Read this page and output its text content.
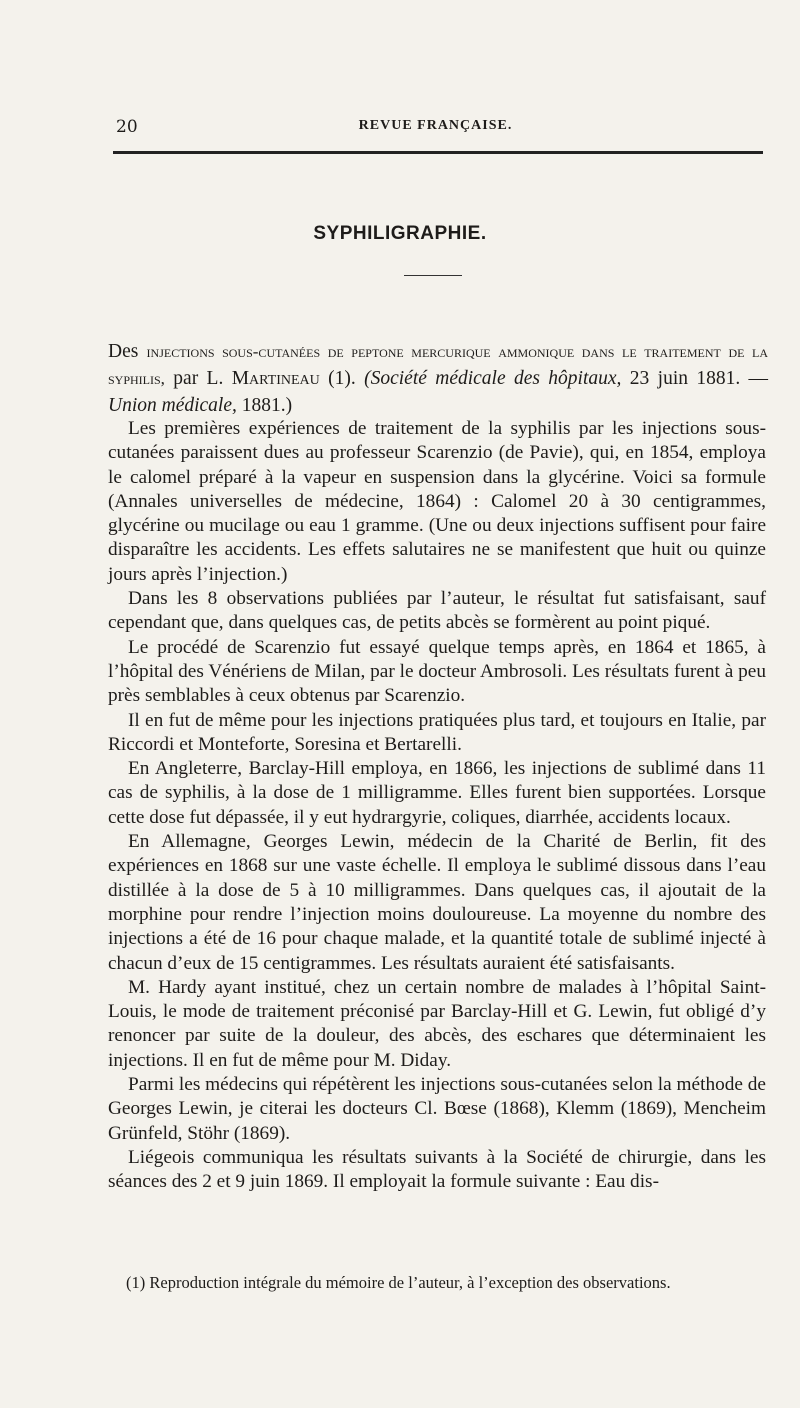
20	REVUE FRANÇAISE.
SYPHILIGRAPHIE.
Des injections sous-cutanées de peptone mercurique ammonique dans le traitement de la syphilis, par L. Martineau (1). (Société médicale des hôpitaux, 23 juin 1881. — Union médicale, 1881.)

Les premières expériences de traitement de la syphilis par les injections sous-cutanées paraissent dues au professeur Scarenzio (de Pavie), qui, en 1854, employa le calomel préparé à la vapeur en suspension dans la glycérine. Voici sa formule (Annales universelles de médecine, 1864) : Calomel 20 à 30 centigrammes, glycérine ou mucilage ou eau 1 gramme. (Une ou deux injections suffisent pour faire disparaître les accidents. Les effets salutaires ne se manifestent que huit ou quinze jours après l’injection.)

Dans les 8 observations publiées par l’auteur, le résultat fut satisfaisant, sauf cependant que, dans quelques cas, de petits abcès se formèrent au point piqué.

Le procédé de Scarenzio fut essayé quelque temps après, en 1864 et 1865, à l’hôpital des Vénériens de Milan, par le docteur Ambrosoli. Les résultats furent à peu près semblables à ceux obtenus par Scarenzio.

Il en fut de même pour les injections pratiquées plus tard, et toujours en Italie, par Riccordi et Monteforte, Soresina et Bertarelli.

En Angleterre, Barclay-Hill employa, en 1866, les injections de sublimé dans 11 cas de syphilis, à la dose de 1 milligramme. Elles furent bien supportées. Lorsque cette dose fut dépassée, il y eut hydrargyrie, coliques, diarrhée, accidents locaux.

En Allemagne, Georges Lewin, médecin de la Charité de Berlin, fit des expériences en 1868 sur une vaste échelle. Il employa le sublimé dissous dans l’eau distillée à la dose de 5 à 10 milligrammes. Dans quelques cas, il ajoutait de la morphine pour rendre l’injection moins douloureuse. La moyenne du nombre des injections a été de 16 pour chaque malade, et la quantité totale de sublimé injecté à chacun d’eux de 15 centigrammes. Les résultats auraient été satisfaisants.

M. Hardy ayant institué, chez un certain nombre de malades à l’hôpital Saint-Louis, le mode de traitement préconisé par Barclay-Hill et G. Lewin, fut obligé d’y renoncer par suite de la douleur, des abcès, des eschares que déterminaient les injections. Il en fut de même pour M. Diday.

Parmi les médecins qui répétèrent les injections sous-cutanées selon la méthode de Georges Lewin, je citerai les docteurs Cl. Bœse (1868), Klemm (1869), Mencheim Grünfeld, Stöhr (1869).

Liégeois communiqua les résultats suivants à la Société de chirurgie, dans les séances des 2 et 9 juin 1869. Il employait la formule suivante : Eau dis-

(1) Reproduction intégrale du mémoire de l’auteur, à l’exception des observations.
